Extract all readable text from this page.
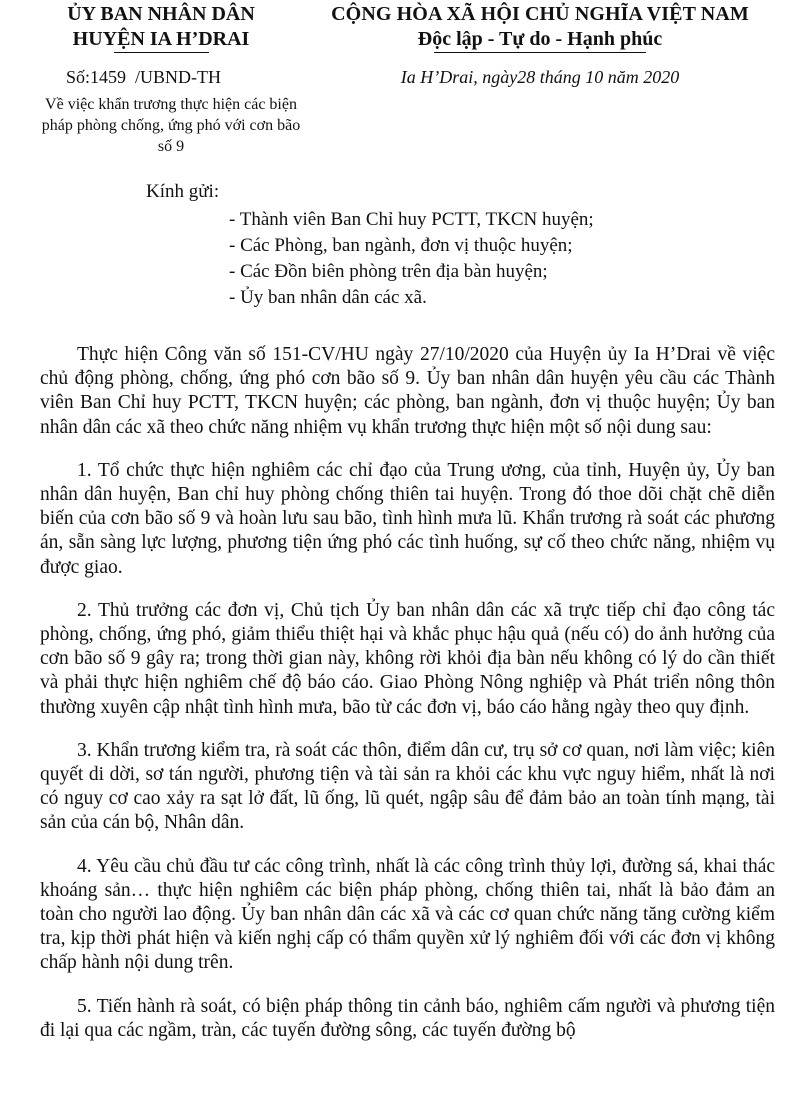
ỦY BAN NHÂN DÂN

HUYỆN IA H’DRAI

CỘNG HÒA XÃ HỘI CHỦ NGHĨA VIỆT NAM

Độc lập - Tự do - Hạnh phúc

Số:1459  /UBND-TH	Ia H’Drai, ngày28 tháng 10 năm 2020
Về việc khẩn trương thực hiện các biện pháp phòng chống, ứng phó với cơn bão số 9
Kính gửi:
- Thành viên Ban Chỉ huy PCTT, TKCN huyện;
- Các Phòng, ban ngành, đơn vị thuộc huyện;
- Các Đồn biên phòng trên địa bàn huyện;
- Ủy ban nhân dân các xã.

Thực hiện Công văn số 151-CV/HU ngày 27/10/2020 của Huyện ủy Ia H’Drai về việc chủ động phòng, chống, ứng phó cơn bão số 9. Ủy ban nhân dân huyện yêu cầu các Thành viên Ban Chỉ huy PCTT, TKCN huyện; các phòng, ban ngành, đơn vị thuộc huyện; Ủy ban nhân dân các xã theo chức năng nhiệm vụ khẩn trương thực hiện một số nội dung sau:

1. Tổ chức thực hiện nghiêm các chỉ đạo của Trung ương, của tỉnh, Huyện ủy, Ủy ban nhân dân huyện, Ban chỉ huy phòng chống thiên tai huyện. Trong đó thoe dõi chặt chẽ diễn biến của cơn bão số 9 và hoàn lưu sau bão, tình hình mưa lũ. Khẩn trương rà soát các phương án, sẵn sàng lực lượng, phương tiện ứng phó các tình huống, sự cố theo chức năng, nhiệm vụ được giao.

2. Thủ trưởng các đơn vị, Chủ tịch Ủy ban nhân dân các xã trực tiếp chỉ đạo công tác phòng, chống, ứng phó, giảm thiểu thiệt hại và khắc phục hậu quả (nếu có) do ảnh hưởng của cơn bão số 9 gây ra; trong thời gian này, không rời khỏi địa bàn nếu không có lý do cần thiết và phải thực hiện nghiêm chế độ báo cáo. Giao Phòng Nông nghiệp và Phát triển nông thôn thường xuyên cập nhật tình hình mưa, bão từ các đơn vị, báo cáo hằng ngày theo quy định.

3. Khẩn trương kiểm tra, rà soát các thôn, điểm dân cư, trụ sở cơ quan, nơi làm việc; kiên quyết di dời, sơ tán người, phương tiện và tài sản ra khỏi các khu vực nguy hiểm, nhất là nơi có nguy cơ cao xảy ra sạt lở đất, lũ ống, lũ quét, ngập sâu để đảm bảo an toàn tính mạng, tài sản của cán bộ, Nhân dân.

4. Yêu cầu chủ đầu tư các công trình, nhất là các công trình thủy lợi, đường sá, khai thác khoáng sản… thực hiện nghiêm các biện pháp phòng, chống thiên tai, nhất là bảo đảm an toàn cho người lao động. Ủy ban nhân dân các xã và các cơ quan chức năng tăng cường kiểm tra, kịp thời phát hiện và kiến nghị cấp có thẩm quyền xử lý nghiêm đối với các đơn vị không chấp hành nội dung trên.

5. Tiến hành rà soát, có biện pháp thông tin cảnh báo, nghiêm cấm người và phương tiện đi lại qua các ngầm, tràn, các tuyến đường sông, các tuyến đường bộ
